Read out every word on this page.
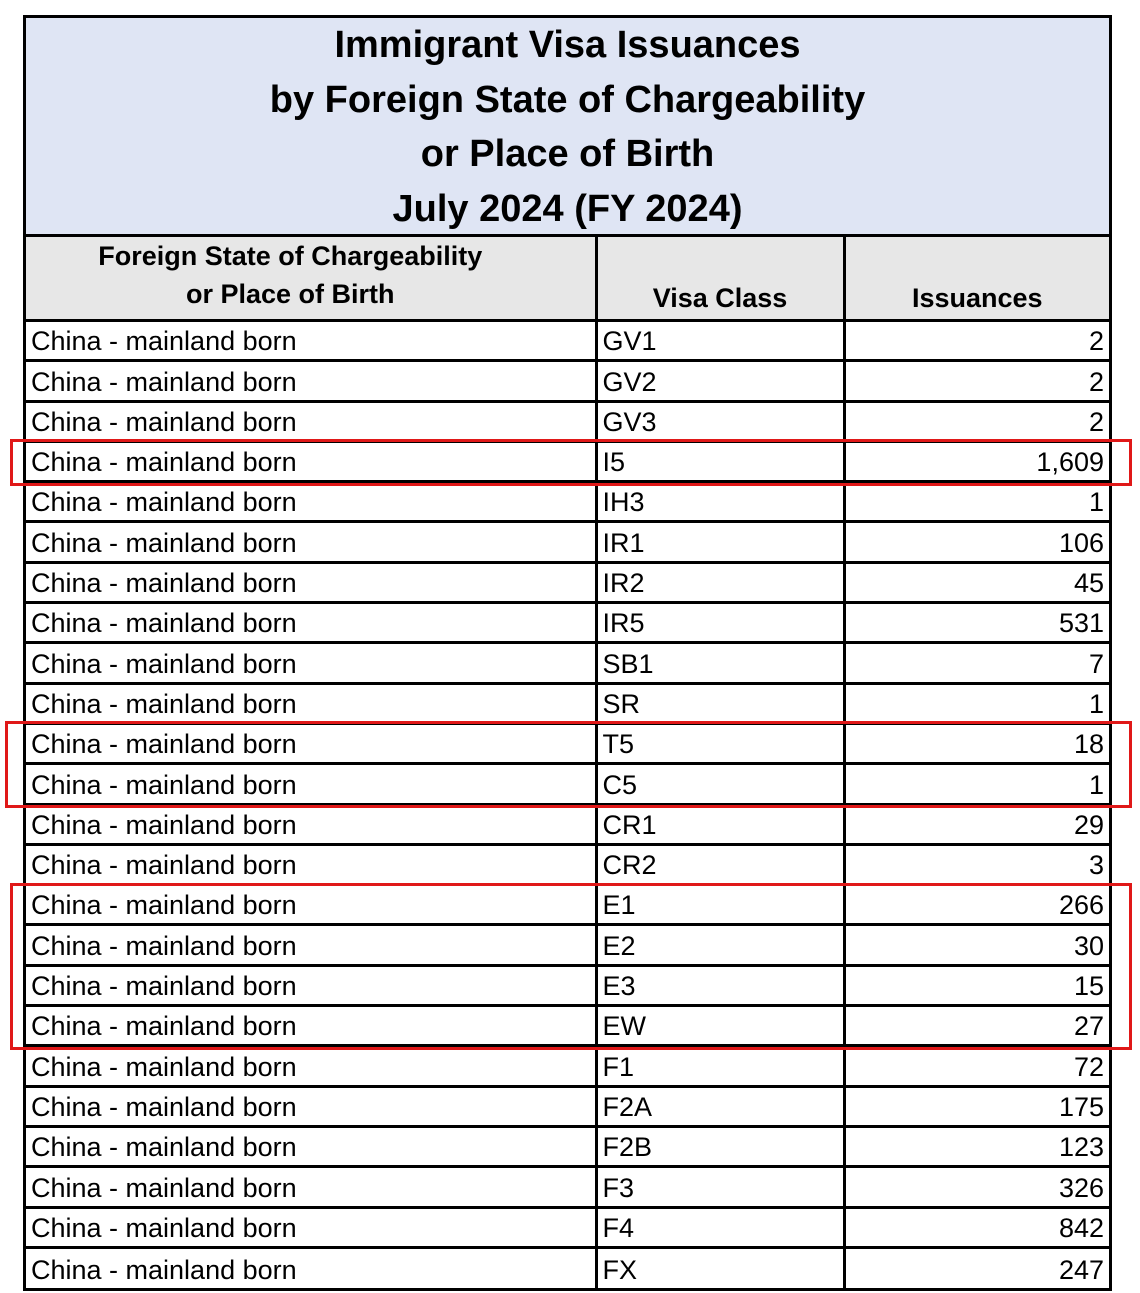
Immigrant Visa Issuances
by Foreign State of Chargeability
or Place of Birth
July 2024 (FY 2024)
Foreign State of Chargeability
or Place of Birth	Visa Class	Issuances

China - mainland born	GV1	2
China - mainland born	GV2	2
China - mainland born	GV3	2
China - mainland born	I5	1,609
China - mainland born	IH3	1
China - mainland born	IR1	106
China - mainland born	IR2	45
China - mainland born	IR5	531
China - mainland born	SB1	7
China - mainland born	SR	1
China - mainland born	T5	18
China - mainland born	C5	1
China - mainland born	CR1	29
China - mainland born	CR2	3
China - mainland born	E1	266
China - mainland born	E2	30
China - mainland born	E3	15
China - mainland born	EW	27
China - mainland born	F1	72
China - mainland born	F2A	175
China - mainland born	F2B	123
China - mainland born	F3	326
China - mainland born	F4	842
China - mainland born	FX	247
